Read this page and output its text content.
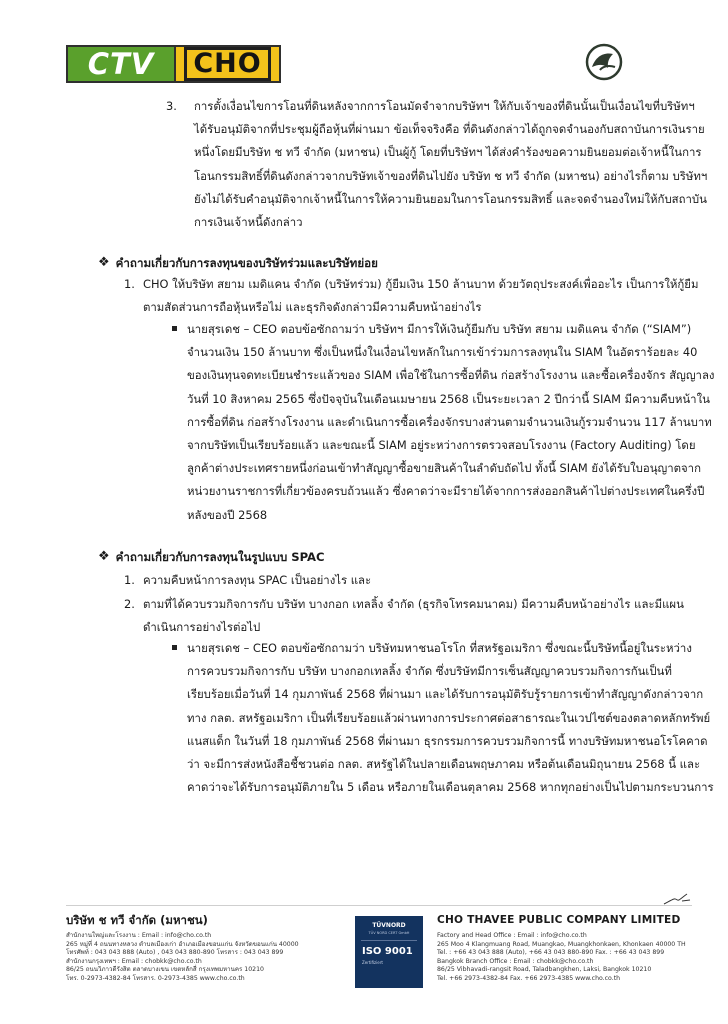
CTV	CHO
3. การตั้งเงื่อนไขการโอนที่ดินหลังจากการโอนมัดจำจากบริษัทฯ ให้กับเจ้าของที่ดินนั้นเป็นเงื่อนไขที่บริษัทฯ

ได้รับอนุมัติจากที่ประชุมผู้ถือหุ้นที่ผ่านมา ข้อเท็จจริงคือ ที่ดินดังกล่าวได้ถูกจดจำนองกับสถาบันการเงินราย

หนึ่งโดยมีบริษัท ช ทวี จำกัด (มหาชน) เป็นผู้กู้ โดยที่บริษัทฯ ได้ส่งคำร้องขอความยินยอมต่อเจ้าหนี้ในการ

โอนกรรมสิทธิ์ที่ดินดังกล่าวจากบริษัทเจ้าของที่ดินไปยัง บริษัท ช ทวี จำกัด (มหาชน) อย่างไรก็ตาม บริษัทฯ

ยังไม่ได้รับคำอนุมัติจากเจ้าหนี้ในการให้ความยินยอมในการโอนกรรมสิทธิ์ และจดจำนองใหม่ให้กับสถาบัน

การเงินเจ้าหนี้ดังกล่าว

❖ คำถามเกี่ยวกับการลงทุนของบริษัทร่วมและบริษัทย่อย
1. CHO ให้บริษัท สยาม เมดิแคน จำกัด (บริษัทร่วม) กู้ยืมเงิน 150 ล้านบาท ด้วยวัตถุประสงค์เพื่ออะไร เป็นการให้กู้ยืม

ตามสัดส่วนการถือหุ้นหรือไม่ และธุรกิจดังกล่าวมีความคืบหน้าอย่างไร

นายสุรเดช – CEO ตอบข้อซักถามว่า บริษัทฯ มีการให้เงินกู้ยืมกับ บริษัท สยาม เมดิแคน จำกัด (“SIAM”)

จำนวนเงิน 150 ล้านบาท ซึ่งเป็นหนึ่งในเงื่อนไขหลักในการเข้าร่วมการลงทุนใน SIAM ในอัตราร้อยละ 40

ของเงินทุนจดทะเบียนชำระแล้วของ SIAM เพื่อใช้ในการซื้อที่ดิน ก่อสร้างโรงงาน และซื้อเครื่องจักร สัญญาลง

วันที่ 10 สิงหาคม 2565 ซึ่งปัจจุบันในเดือนเมษายน 2568 เป็นระยะเวลา 2 ปีกว่านี้ SIAM มีความคืบหน้าใน

การซื้อที่ดิน ก่อสร้างโรงงาน และดำเนินการซื้อเครื่องจักรบางส่วนตามจำนวนเงินกู้รวมจำนวน 117 ล้านบาท

จากบริษัทเป็นเรียบร้อยแล้ว และขณะนี้ SIAM อยู่ระหว่างการตรวจสอบโรงงาน (Factory Auditing) โดย

ลูกค้าต่างประเทศรายหนึ่งก่อนเข้าทำสัญญาซื้อขายสินค้าในลำดับถัดไป ทั้งนี้ SIAM ยังได้รับใบอนุญาตจาก

หน่วยงานราชการที่เกี่ยวข้องครบถ้วนแล้ว ซึ่งคาดว่าจะมีรายได้จากการส่งออกสินค้าไปต่างประเทศในครึ่งปี

หลังของปี 2568

❖ คำถามเกี่ยวกับการลงทุนในรูปแบบ SPAC
1. ความคืบหน้าการลงทุน SPAC เป็นอย่างไร และ

2. ตามที่ได้ควบรวมกิจการกับ บริษัท บางกอก เทลลิ้ง จำกัด (ธุรกิจโทรคมนาคม) มีความคืบหน้าอย่างไร และมีแผน

ดำเนินการอย่างไรต่อไป

นายสุรเดช – CEO ตอบข้อซักถามว่า บริษัทมหาชนอโรโก ที่สหรัฐอเมริกา ซึ่งขณะนี้บริษัทนี้อยู่ในระหว่าง

การควบรวมกิจการกับ บริษัท บางกอกเทลลิ้ง จำกัด ซึ่งบริษัทมีการเซ็นสัญญาควบรวมกิจการกันเป็นที่

เรียบร้อยเมื่อวันที่ 14 กุมภาพันธ์ 2568 ที่ผ่านมา และได้รับการอนุมัติรับรู้รายการเข้าทำสัญญาดังกล่าวจาก

ทาง กลต. สหรัฐอเมริกา เป็นที่เรียบร้อยแล้วผ่านทางการประกาศต่อสาธารณะในเวปไซต์ของตลาดหลักทรัพย์

แนสแด็ก ในวันที่ 18 กุมภาพันธ์ 2568 ที่ผ่านมา ธุรกรรมการควบรวมกิจการนี้ ทางบริษัทมหาชนอโรโคคาด

ว่า จะมีการส่งหนังสือชี้ชวนต่อ กลต. สหรัฐได้ในปลายเดือนพฤษภาคม หรือต้นเดือนมิถุนายน 2568 นี้ และ

คาดว่าจะได้รับการอนุมัติภายใน 5 เดือน หรือภายในเดือนตุลาคม 2568 หากทุกอย่างเป็นไปตามกระบวนการ

บริษัท ช ทวี จำกัด (มหาชน)
สำนักงานใหญ่และโรงงาน : Email : info@cho.co.th
265 หมู่ที่ 4 ถนนทางหลวง ตำบลเมืองเก่า อำเภอเมืองขอนแก่น จังหวัดขอนแก่น 40000
โทรศัพท์ : 043 043 888 (Auto) , 043 043 880-890 โทรสาร : 043 043 899
สำนักงานกรุงเทพฯ : Email : chobkk@cho.co.th
86/25 ถนนวิภาวดีรังสิต ตลาดบางเขน เขตหลักสี่ กรุงเทพมหานคร 10210
โทร. 0-2973-4382-84 โทรสาร. 0-2973-4385 www.cho.co.th
TÜVNORD
TÜV NORD CERT GmbH
ISO 9001
Zertifiziert
CHO THAVEE PUBLIC COMPANY LIMITED
Factory and Head Office : Email : info@cho.co.th
265 Moo 4 Klangmuang Road, Muangkao, Muangkhonkaen, Khonkaen 40000 TH
Tel. : +66 43 043 888 (Auto), +66 43 043 880-890 Fax. : +66 43 043 899
Bangkok Branch Office : Email : chobkk@cho.co.th
86/25 Vibhavadi-rangsit Road, Taladbangkhen, Laksi, Bangkok 10210
Tel. +66 2973-4382-84 Fax. +66 2973-4385 www.cho.co.th
